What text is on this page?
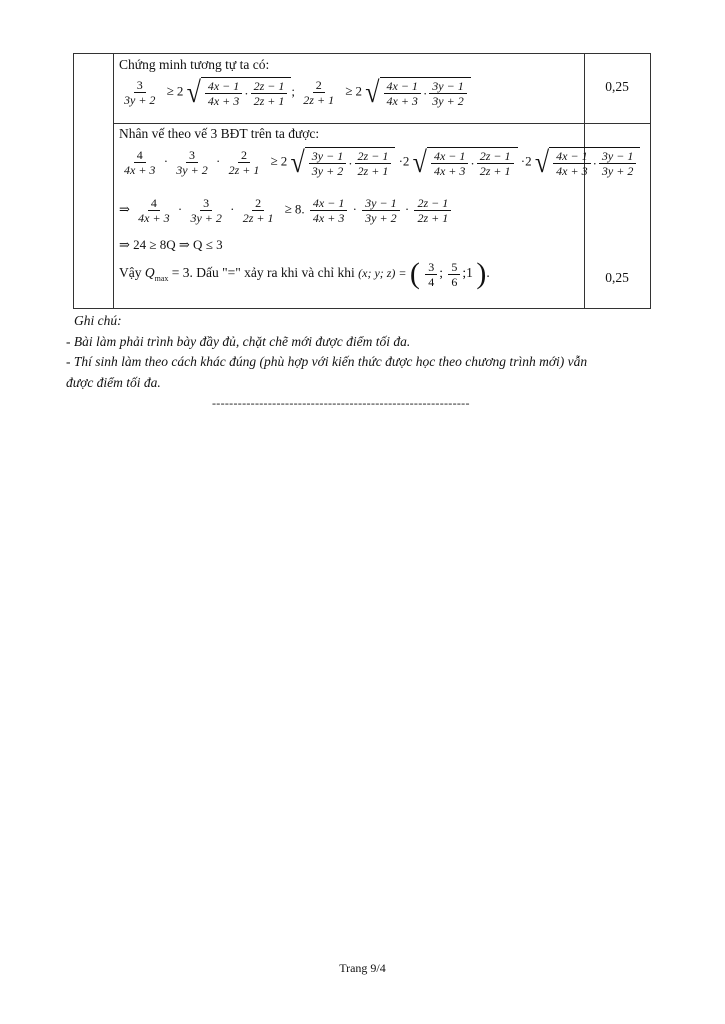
Chứng minh tương tự ta có:
0,25
$\frac{3}{3y + 2} \ge 2$ √ $\frac{4x - 1}{4x + 3} \cdot \frac{2z - 1}{2z + 1}$ ; $\frac{2}{2z + 1} \ge 2$ √ $\frac{4x - 1}{4x + 3} \cdot \frac{3y - 1}{3y + 2}$
Nhân vế theo vế 3 BĐT trên ta được:
$\frac{4}{4x + 3} \cdot \frac{3}{3y + 2} \cdot \frac{2}{2z + 1} \ge 2$ √ $\frac{3y - 1}{3y + 2} \cdot \frac{2z - 1}{2z + 1} \cdot 2$ √ $\frac{4x - 1}{4x + 3} \cdot \frac{2z - 1}{2z + 1} \cdot 2$ √ $\frac{4x - 1}{4x + 3} \cdot \frac{3y - 1}{3y + 2}$
⇒ $\frac{4}{4x + 3} \cdot \frac{3}{3y + 2} \cdot \frac{2}{2z + 1} \ge 8$. $\frac{4x - 1}{4x + 3} \cdot \frac{3y - 1}{3y + 2} \cdot \frac{2z - 1}{2z + 1}$
⇒ 24 ≥ 8Q ⇒ Q ≤ 3
Vậy $Q_{max} = 3$. Dấu "=" xảy ra khi và chỉ khi (x; y; z) = ( $\frac{3}{4}$ ; $\frac{5}{6}$ ;1 ).	0,25
Ghi chú:
- Bài làm phải trình bày đầy đủ, chặt chẽ mới được điểm tối đa.
- Thí sinh làm theo cách khác đúng (phù hợp với kiến thức được học theo chương trình mới) vẫn
được điểm tối đa.
------------------------------------------------------------
Trang 9/4
